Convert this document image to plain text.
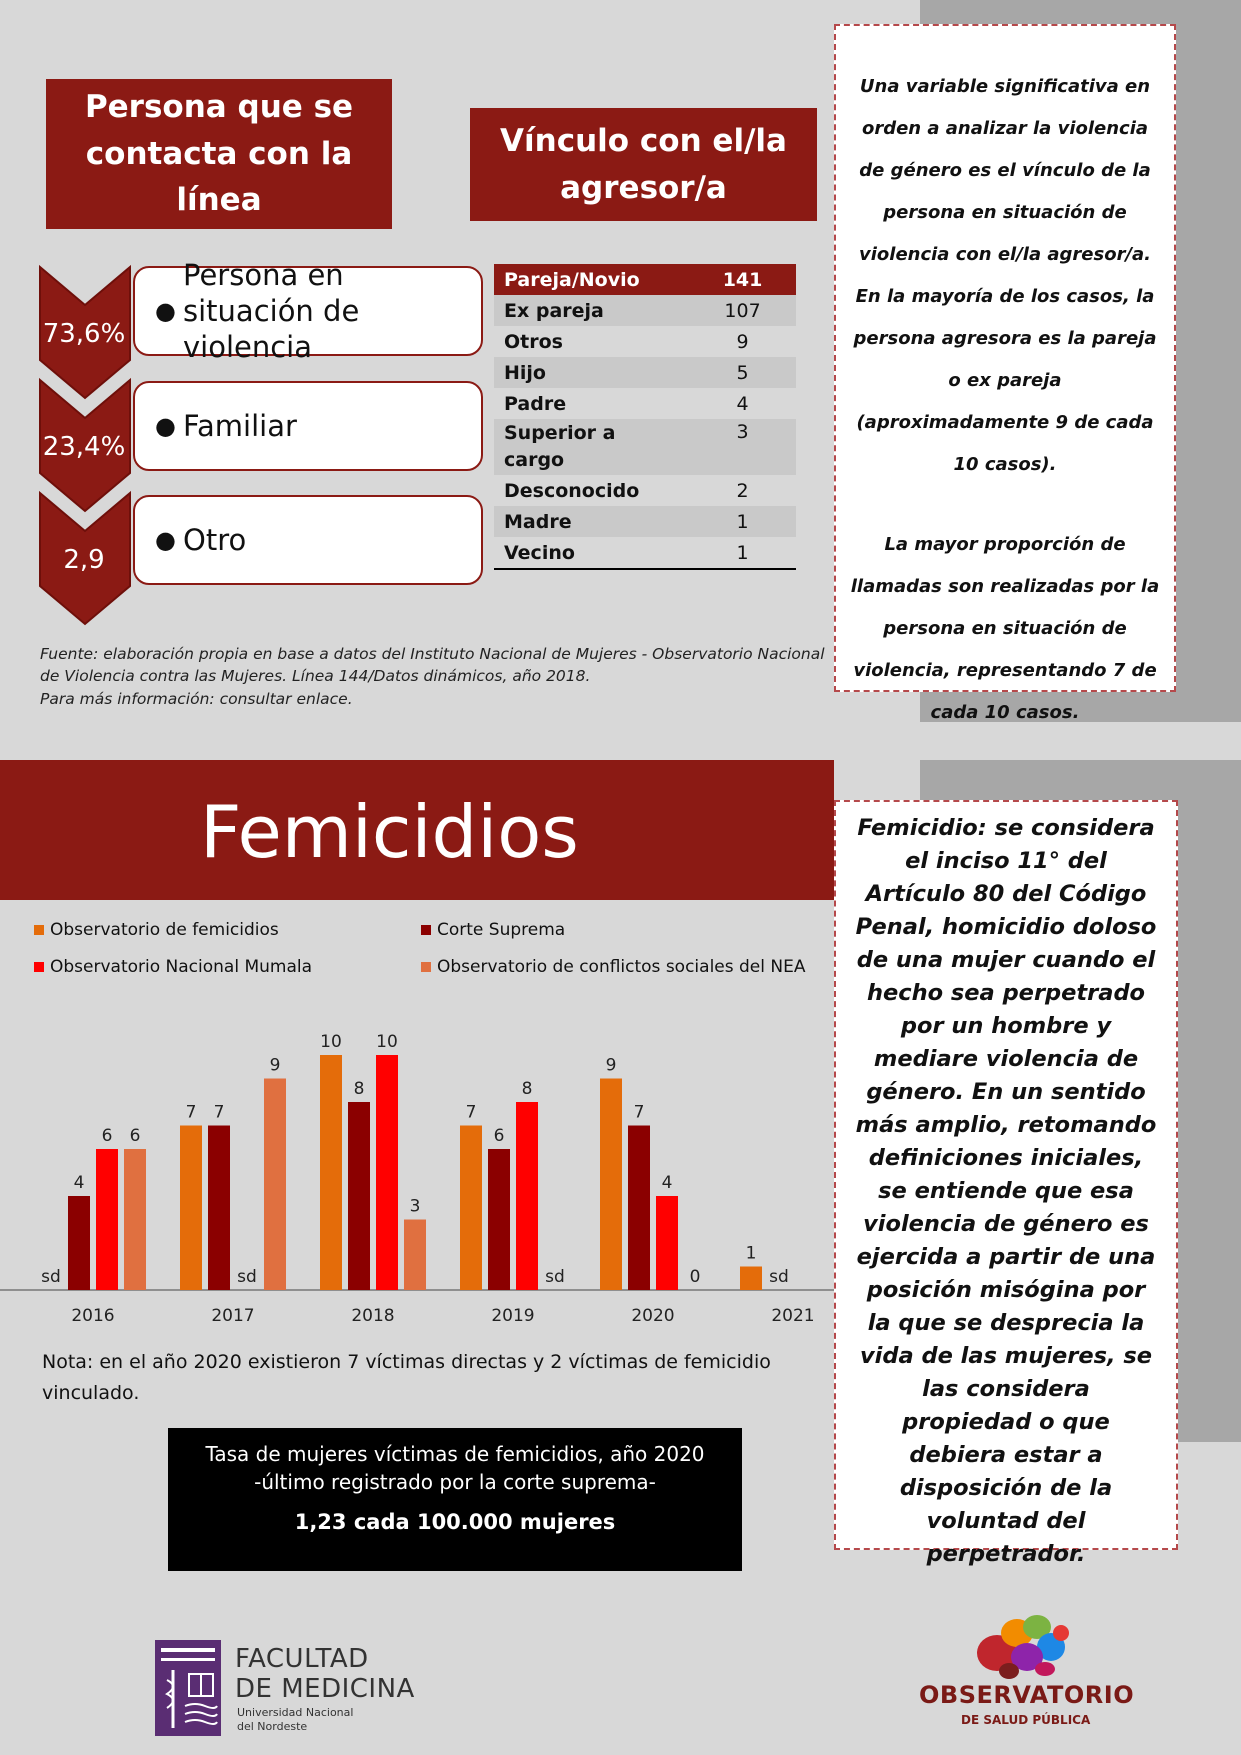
Persona que se contacta con la línea
Vínculo con el/la agresor/a
73,6%
23,4%
2,9
●
Persona en situación de violencia
● Familiar
● Otro
Pareja/Novio	141
Ex pareja	107
Otros	9
Hijo	5
Padre	4
Superior a cargo	3
Desconocido	2
Madre	1
Vecino	1
Una variable significativa en orden a analizar la violencia de género es el vínculo de la persona en situación de violencia con el/la agresor/a. En la mayoría de los casos, la persona agresora es la pareja o ex pareja (aproximadamente 9 de cada 10 casos).
La mayor proporción de llamadas son realizadas por la persona en situación de violencia, representando 7 de cada 10 casos.
Fuente: elaboración propia en base a datos del Instituto Nacional de Mujeres - Observatorio Nacional
de Violencia contra las Mujeres. Línea 144/Datos dinámicos, año 2018.
Para más información: consultar enlace.
Femicidios	Femicidio: se considera el inciso 11° del Artículo 80 del Código Penal, homicidio doloso de una mujer cuando el hecho sea perpetrado por un hombre y mediare violencia de género. En un sentido más amplio, retomando definiciones iniciales, se entiende que esa violencia de género es ejercida a partir de una posición misógina por la que se desprecia la vida de las mujeres, se las considera propiedad o que debiera estar a disposición de la voluntad del perpetrador.
Observatorio de femicidios	Corte Suprema
Observatorio Nacional Mumala	Observatorio de conflictos sociales del NEA
sd
4
6 6
2016
7 7
sd
9
2017
10
8
10
3
2018
7
6
8
sd
2019
9
7
4
0
2020
1
sd
2021
Nota: en el año 2020 existieron 7 víctimas directas y 2 víctimas de femicidio vinculado.
Tasa de mujeres víctimas de femicidios, año 2020
-último registrado por la corte suprema-
1,23 cada 100.000 mujeres
FACULTAD
DE MEDICINA
Universidad Nacional
del Nordeste
OBSERVATORIO
DE SALUD PÚBLICA
